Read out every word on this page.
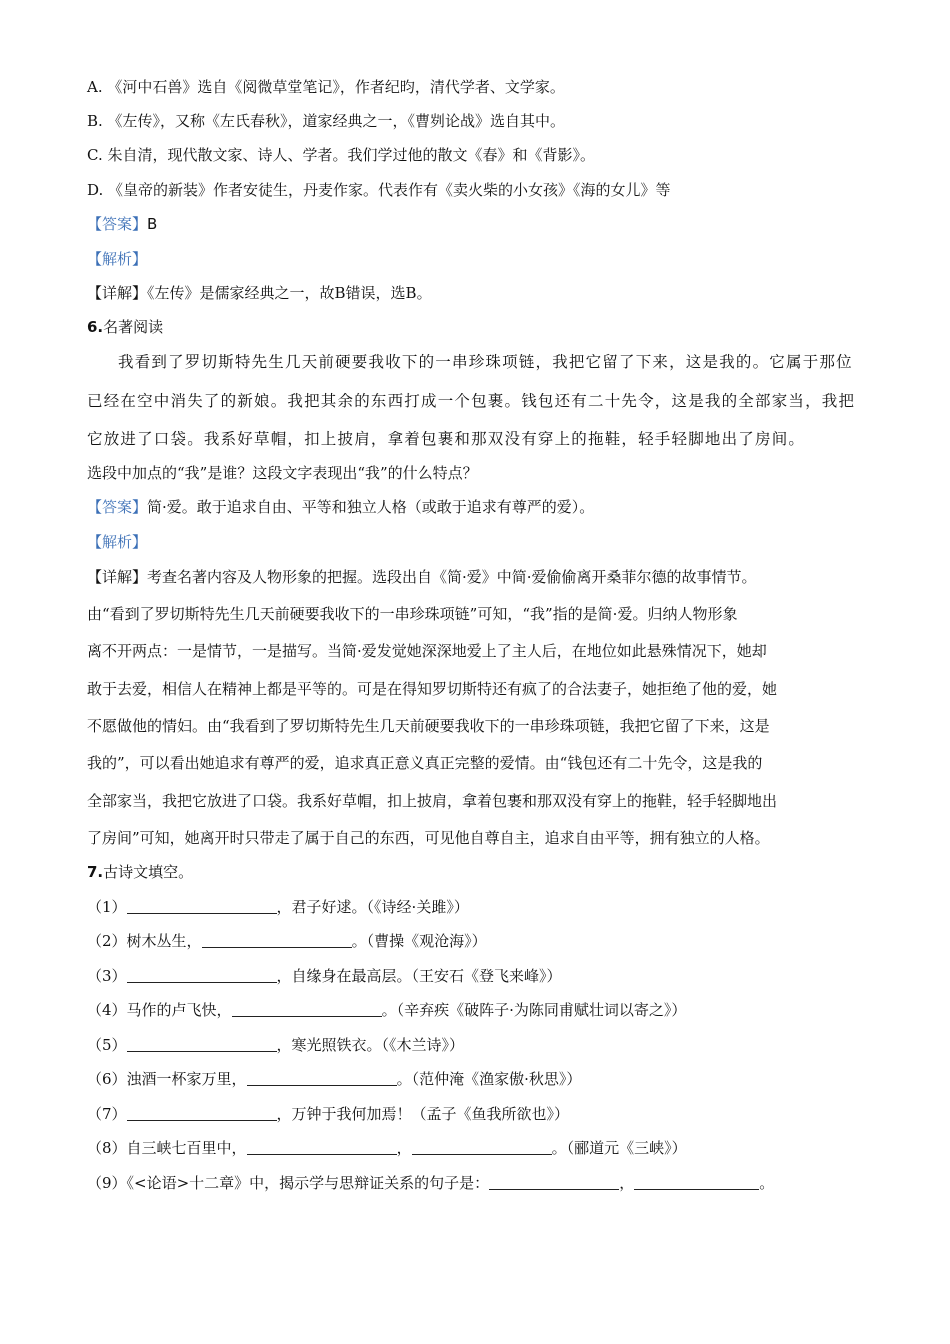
A. 《河中石兽》选自《阅微草堂笔记》，作者纪昀，清代学者、文学家。
B. 《左传》，又称《左氏春秋》，道家经典之一，《曹刿论战》选自其中。
C. 朱自清，现代散文家、诗人、学者。我们学过他的散文《春》和《背影》。
D. 《皇帝的新装》作者安徒生，丹麦作家。代表作有《卖火柴的小女孩》《海的女儿》等
【答案】B
【解析】
【详解】《左传》是儒家经典之一，故B错误，选B。
6.名著阅读
我看到了罗切斯特先生几天前硬要我收下的一串珍珠项链，我把它留了下来，这是我的。它属于那位
已经在空中消失了的新娘。我把其余的东西打成一个包裹。钱包还有二十先令，这是我的全部家当，我把
它放进了口袋。我系好草帽，扣上披肩，拿着包裹和那双没有穿上的拖鞋，轻手轻脚地出了房间。
选段中加点的“我”是谁？这段文字表现出“我”的什么特点？
【答案】简·爱。敢于追求自由、平等和独立人格（或敢于追求有尊严的爱）。
【解析】
【详解】考查名著内容及人物形象的把握。选段出自《简·爱》中简·爱偷偷离开桑菲尔德的故事情节。
由“看到了罗切斯特先生几天前硬要我收下的一串珍珠项链”可知，“我”指的是简·爱。归纳人物形象
离不开两点：一是情节，一是描写。当简·爱发觉她深深地爱上了主人后，在地位如此悬殊情况下，她却
敢于去爱，相信人在精神上都是平等的。可是在得知罗切斯特还有疯了的合法妻子，她拒绝了他的爱，她
不愿做他的情妇。由“我看到了罗切斯特先生几天前硬要我收下的一串珍珠项链，我把它留了下来，这是
我的”，可以看出她追求有尊严的爱，追求真正意义真正完整的爱情。由“钱包还有二十先令，这是我的
全部家当，我把它放进了口袋。我系好草帽，扣上披肩，拿着包裹和那双没有穿上的拖鞋，轻手轻脚地出
了房间”可知，她离开时只带走了属于自己的东西，可见他自尊自主，追求自由平等，拥有独立的人格。
7.古诗文填空。
（1）	，君子好逑。（《诗经·关雎》）
（2）树木丛生，	。（曹操《观沧海》）
（3）	，自缘身在最高层。（王安石《登飞来峰》）
（4）马作的卢飞快，	。（辛弃疾《破阵子·为陈同甫赋壮词以寄之》）
（5）	，寒光照铁衣。（《木兰诗》）
（6）浊酒一杯家万里，	。（范仲淹《渔家傲·秋思》）
（7）	，万钟于我何加焉！（孟子《鱼我所欲也》）
（8）自三峡七百里中，	，	。（郦道元《三峡》）
（9）《<论语>十二章》中，揭示学与思辩证关系的句子是：	，	。
